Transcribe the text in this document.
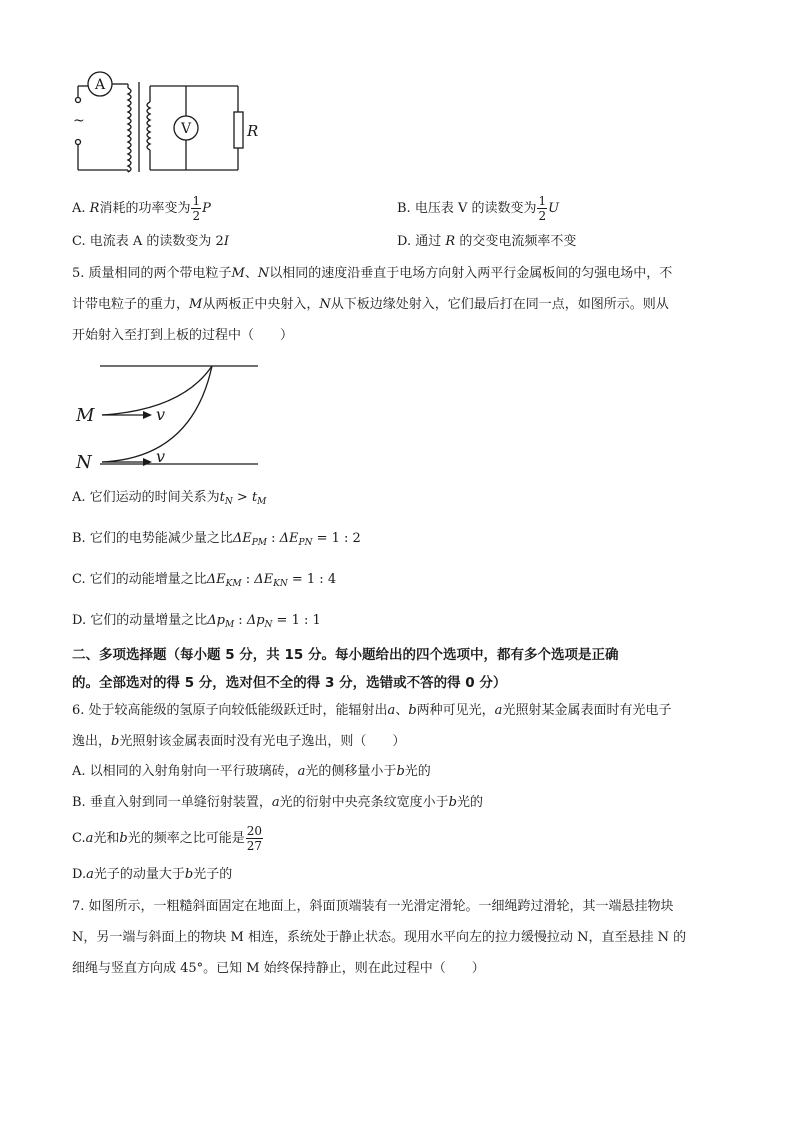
A
V	R
~
A. R消耗的功率变为 $\frac{1}{2}$ P	B. 电压表 V 的读数变为 $\frac{1}{2}$ U
C. 电流表 A 的读数变为 2I	D. 通过 R 的交变电流频率不变
5. 质量相同的两个带电粒子M、N以相同的速度沿垂直于电场方向射入两平行金属板间的匀强电场中，不
计带电粒子的重力，M从两板正中央射入，N从下板边缘处射入，它们最后打在同一点，如图所示。则从
开始射入至打到上板的过程中（　　）
M
N
v
v
A. 它们运动的时间关系为$t_N > t_M$
B. 它们的电势能减少量之比$\Delta E_{PM}$ : $\Delta E_{PN} = 1$ : 2
C. 它们的动能增量之比$\Delta E_{KM}$ : $\Delta E_{KN} = 1$ : 4
D. 它们的动量增量之比$\Delta p_M$ : $\Delta p_N = 1$ : 1
二、多项选择题（每小题 5 分，共 15 分。每小题给出的四个选项中，都有多个选项是正确
的。全部选对的得 5 分，选对但不全的得 3 分，选错或不答的得 0 分）
6. 处于较高能级的氢原子向较低能级跃迁时，能辐射出a、b两种可见光，a光照射某金属表面时有光电子
逸出，b光照射该金属表面时没有光电子逸出，则（　　）
A. 以相同的入射角射向一平行玻璃砖，a光的侧移量小于b光的
B. 垂直入射到同一单缝衍射装置，a光的衍射中央亮条纹宽度小于b光的
C.a光和b光的频率之比可能是 $\frac{20}{27}$
D.a光子的动量大于b光子的
7. 如图所示，一粗糙斜面固定在地面上，斜面顶端装有一光滑定滑轮。一细绳跨过滑轮，其一端悬挂物块
N，另一端与斜面上的物块 M 相连，系统处于静止状态。现用水平向左的拉力缓慢拉动 N，直至悬挂 N 的
细绳与竖直方向成 45°。已知 M 始终保持静止，则在此过程中（　　）
